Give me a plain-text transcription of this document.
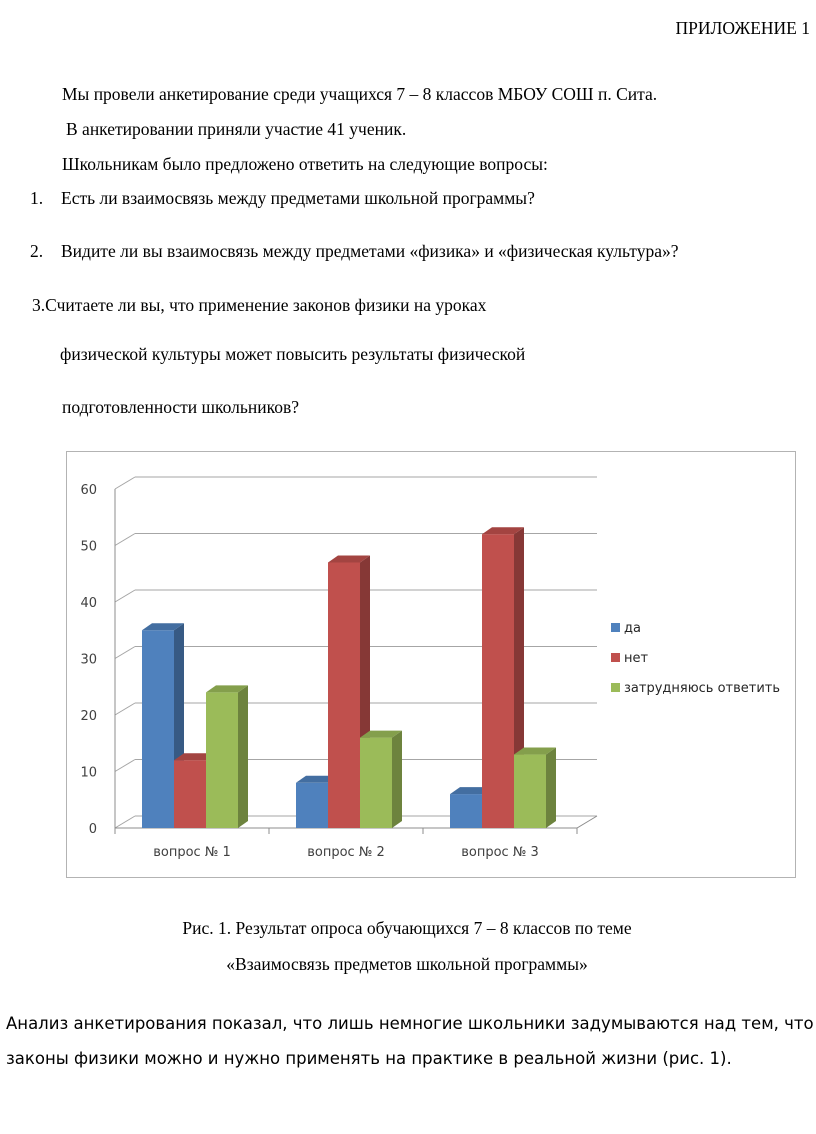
ПРИЛОЖЕНИЕ 1
Мы провели анкетирование среди учащихся 7 – 8 классов МБОУ СОШ п. Сита.
В анкетировании приняли участие 41 ученик.
Школьникам было предложено ответить на следующие вопросы:
1. Есть ли взаимосвязь между предметами школьной программы?
2. Видите ли вы взаимосвязь между предметами «физика» и «физическая культура»?
3.Считаете ли вы, что применение законов физики на уроках
физической культуры может повысить результаты физической
подготовленности школьников?
0
10
20
30
40
50
60
вопрос № 1	вопрос № 2	вопрос № 3
да
нет
затрудняюсь ответить
Рис. 1. Результат опроса обучающихся 7 – 8 классов по теме
«Взаимосвязь предметов школьной программы»
Анализ анкетирования показал, что лишь немногие школьники задумываются над тем, что
законы физики можно и нужно применять на практике в реальной жизни (рис. 1).
